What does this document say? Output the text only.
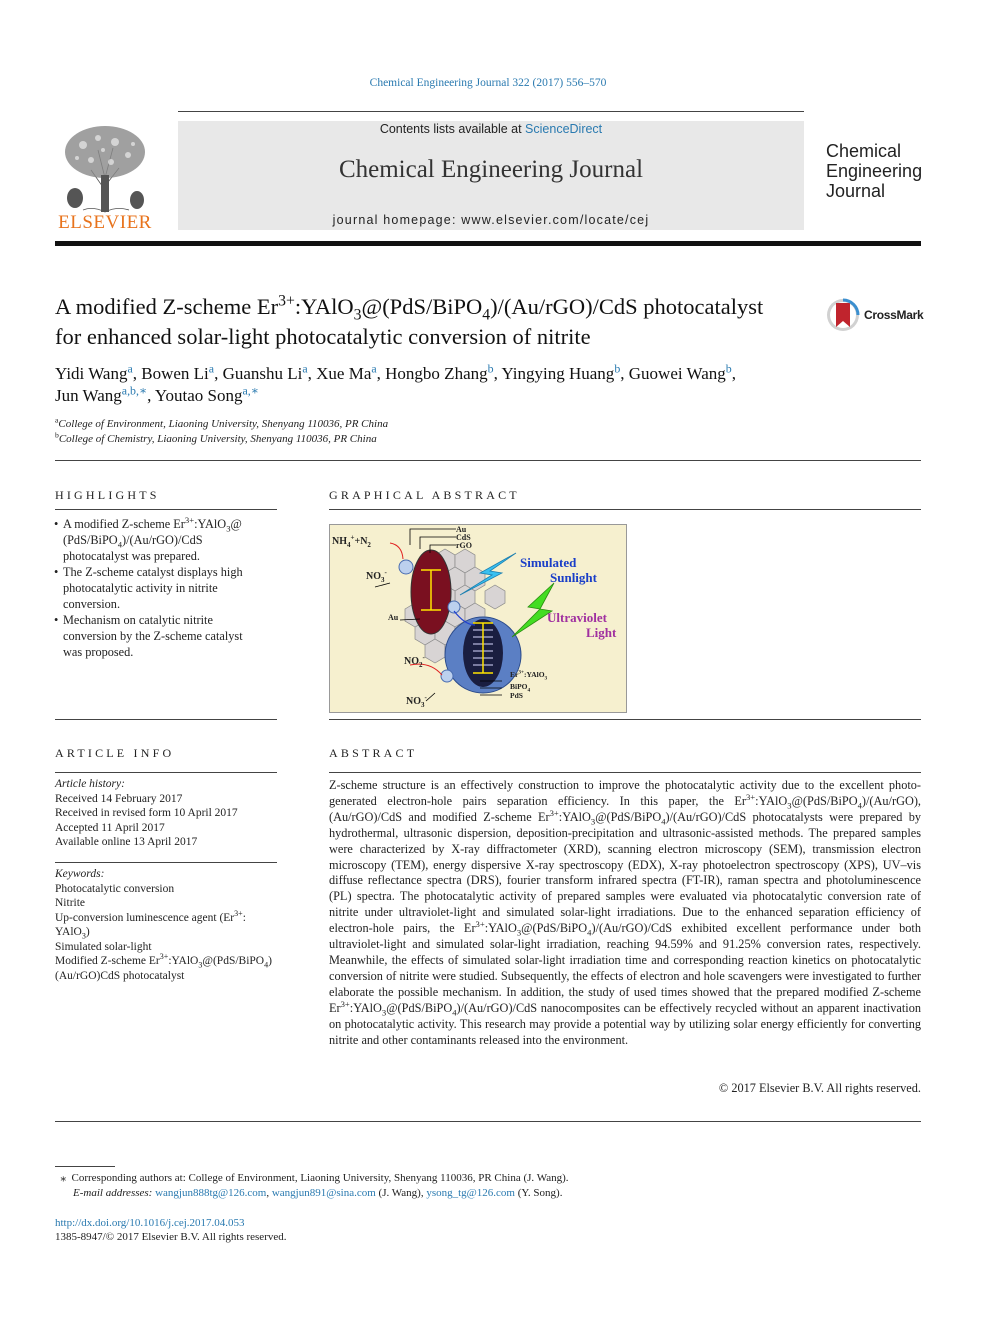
Chemical Engineering Journal 322 (2017) 556–570
ELSEVIER
Contents lists available at ScienceDirect
Chemical Engineering Journal
journal homepage: www.elsevier.com/locate/cej
Chemical
Engineering
Journal
A modified Z-scheme $Er^{3+}:YAlO_3@(PdS/BiPO_4)/(Au/rGO)$/CdS photocatalyst
for enhanced solar-light photocatalytic conversion of nitrite
CrossMark
Yidi Wang$^a$, Bowen Li$^a$, Guanshu Li$^a$, Xue Ma$^a$, Hongbo Zhang$^b$, Yingying Huang$^b$, Guowei Wang$^b$,
Jun Wang$^{a,b,∗}$, Youtao Song$^{a,∗}$
$^a$College of Environment, Liaoning University, Shenyang 110036, PR China
$^b$College of Chemistry, Liaoning University, Shenyang 110036, PR China
HIGHLIGHTS
• A modified Z-scheme $Er^{3+}:YAlO_3@$
(PdS/BiPO$_4$)/(Au/rGO)/CdS
photocatalyst was prepared.
• The Z-scheme catalyst displays high
photocatalytic activity in nitrite
conversion.
• Mechanism on catalytic nitrite
conversion by the Z-scheme catalyst
was proposed.
GRAPHICAL ABSTRACT
$NH_4^++N_2$
Au
CdS
rGO
$NO_3^-$
Au
Simulated
Sunlight
Ultraviolet
Light
$NO_2^-$
$Er^{3+}:YAlO_3$
BiPO$_4$
PdS
$NO_3^-$
ARTICLE INFO
Article history:
Received 14 February 2017
Received in revised form 10 April 2017
Accepted 11 April 2017
Available online 13 April 2017
Keywords:
Photocatalytic conversion
Nitrite
Up-conversion luminescence agent ($Er^{3+}$:
YAlO$_3$)
Simulated solar-light
Modified Z-scheme $Er^{3+}:YAlO_3@(PdS/BiPO_4)$
(Au/rGO)CdS photocatalyst
ABSTRACT
Z-scheme structure is an effectively construction to improve the photocatalytic activity due to the excellent photo-generated electron-hole pairs separation efficiency. In this paper, the $Er^{3+}:YAlO_3@(PdS/BiPO_4)/(Au/rGO)$, (Au/rGO)/CdS and modified Z-scheme $Er^{3+}:YAlO_3@(PdS/BiPO_4)/(Au/rGO)$/CdS photocatalysts were prepared by hydrothermal, ultrasonic dispersion, deposition-precipitation and ultrasonic-assisted methods. The prepared samples were characterized by X-ray diffractometer (XRD), scanning electron microscopy (SEM), transmission electron microscopy (TEM), energy dispersive X-ray spectroscopy (EDX), X-ray photoelectron spectroscopy (XPS), UV–vis diffuse reflectance spectra (DRS), fourier transform infrared spectra (FT-IR), raman spectra and photoluminescence (PL) spectra. The photocatalytic activity of prepared samples were evaluated via photocatalytic conversion rate of nitrite under ultraviolet-light and simulated solar-light irradiations. Due to the enhanced separation efficiency of electron-hole pairs, the $Er^{3+}:YAlO_3@(PdS/BiPO_4)/(Au/rGO)$/CdS exhibited excellent performance under both ultraviolet-light and simulated solar-light irradiation, reaching 94.59% and 91.25% conversion rates, respectively. Meanwhile, the effects of simulated solar-light irradiation time and corresponding reaction kinetics on photocatalytic conversion of nitrite were studied. Subsequently, the effects of electron and hole scavengers were investigated to further elaborate the possible mechanism. In addition, the study of used times showed that the prepared modified Z-scheme $Er^{3+}:YAlO_3@(PdS/BiPO_4)/(Au/rGO)$/CdS nanocomposites can be effectively recycled without an apparent inactivation on photocatalytic activity. This research may provide a potential way by utilizing solar energy efficiently for converting nitrite and other contaminants released into the environment.
© 2017 Elsevier B.V. All rights reserved.
⁎  Corresponding authors at: College of Environment, Liaoning University, Shenyang 110036, PR China (J. Wang).
E-mail addresses: wangjun888tg@126.com, wangjun891@sina.com (J. Wang), ysong_tg@126.com (Y. Song).
http://dx.doi.org/10.1016/j.cej.2017.04.053
1385-8947/© 2017 Elsevier B.V. All rights reserved.
